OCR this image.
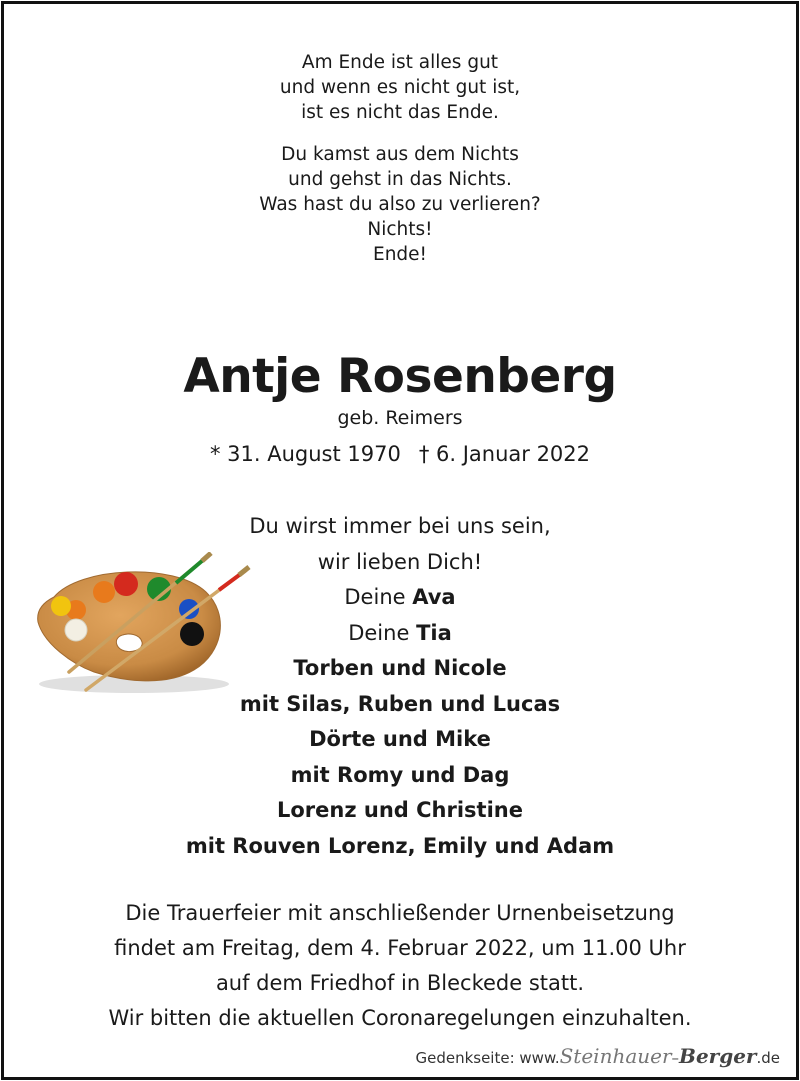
Am Ende ist alles gut

und wenn es nicht gut ist,

ist es nicht das Ende.

Du kamst aus dem Nichts

und gehst in das Nichts.

Was hast du also zu verlieren?

Nichts!

Ende!

Antje Rosenberg
geb. Reimers
* 31. August 1970 † 6. Januar 2022
Du wirst immer bei uns sein,
wir lieben Dich!
Deine Ava
Deine Tia
Torben und Nicole
mit Silas, Ruben und Lucas
Dörte und Mike
mit Romy und Dag
Lorenz und Christine
mit Rouven Lorenz, Emily und Adam
Die Trauerfeier mit anschließender Urnenbeisetzung
findet am Freitag, dem 4. Februar 2022, um 11.00 Uhr
auf dem Friedhof in Bleckede statt.
Wir bitten die aktuellen Coronaregelungen einzuhalten.
Gedenkseite: www.Steinhauer–Berger.de
